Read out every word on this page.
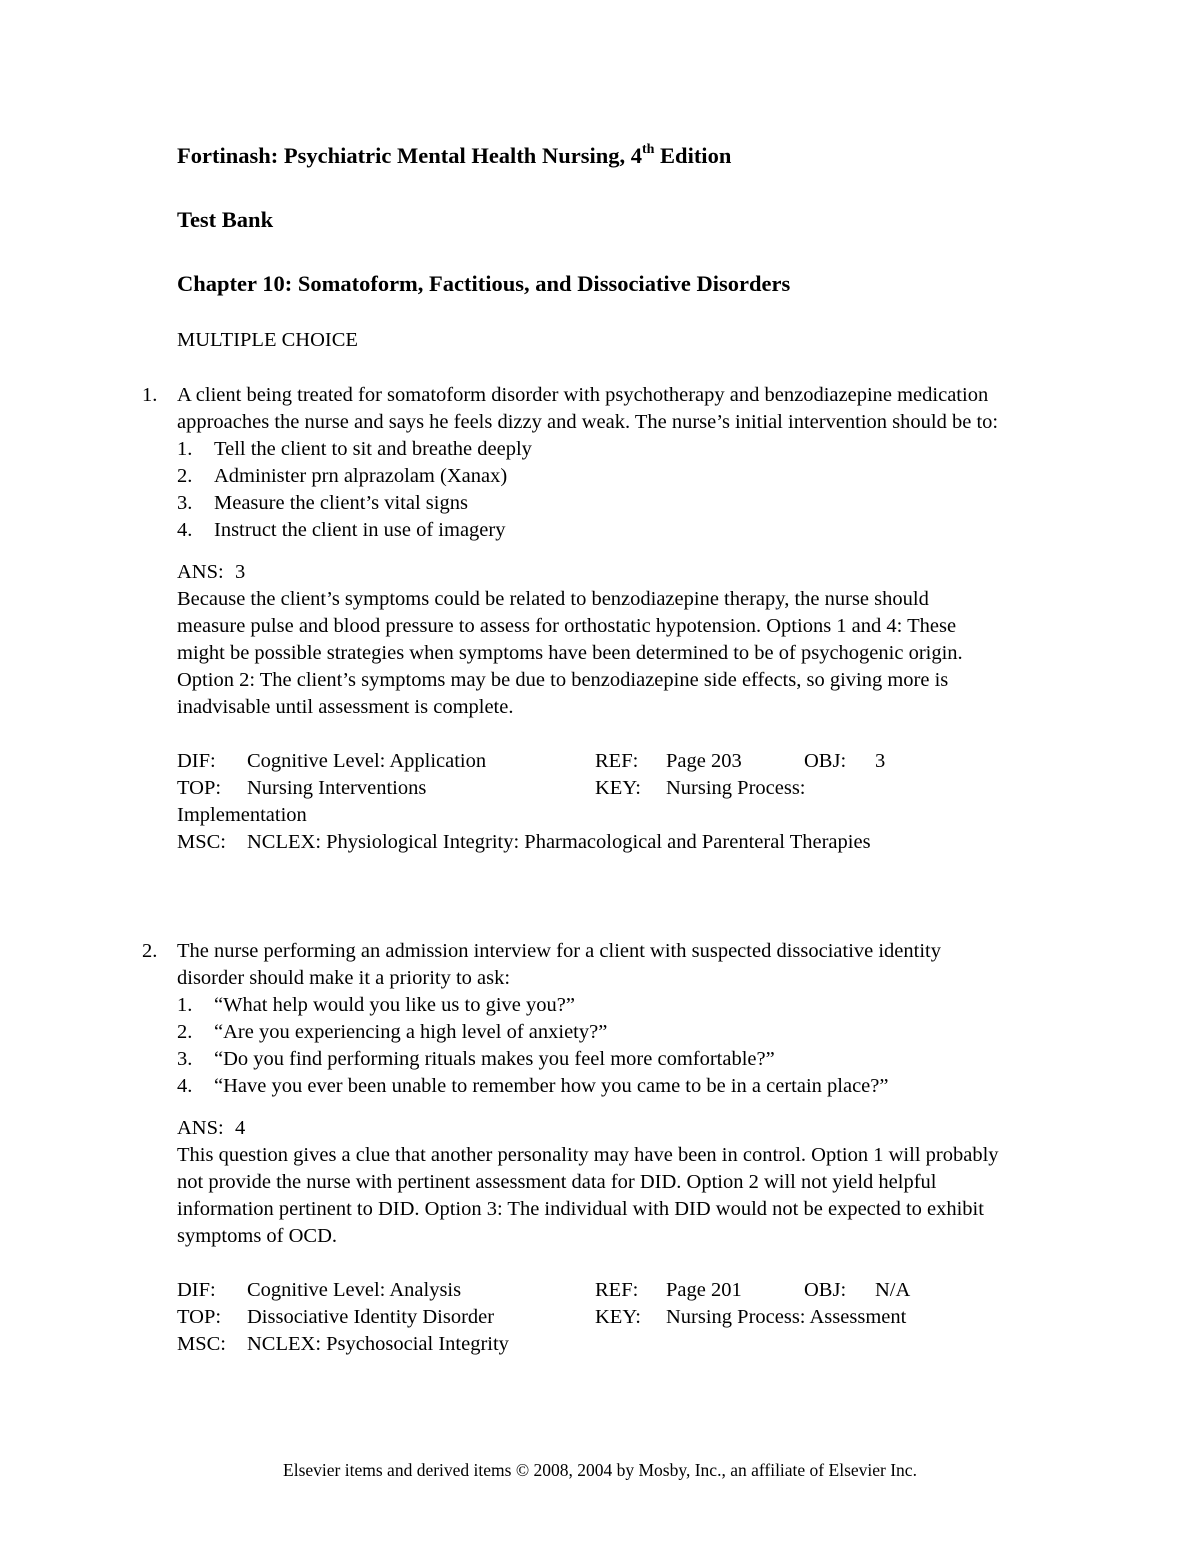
Fortinash: Psychiatric Mental Health Nursing, 4th Edition
Test Bank
Chapter 10: Somatoform, Factitious, and Dissociative Disorders
MULTIPLE CHOICE
1. A client being treated for somatoform disorder with psychotherapy and benzodiazepine medication approaches the nurse and says he feels dizzy and weak. The nurse’s initial intervention should be to:

1. Tell the client to sit and breathe deeply
2. Administer prn alprazolam (Xanax)
3. Measure the client’s vital signs
4. Instruct the client in use of imagery
ANS: 3

Because the client’s symptoms could be related to benzodiazepine therapy, the nurse should measure pulse and blood pressure to assess for orthostatic hypotension. Options 1 and 4: These might be possible strategies when symptoms have been determined to be of psychogenic origin. Option 2: The client’s symptoms may be due to benzodiazepine side effects, so giving more is inadvisable until assessment is complete.

DIF: Cognitive Level: Application	REF: Page 203	OBJ: 3
TOP: Nursing Interventions	KEY: Nursing Process:
Implementation
MSC: NCLEX: Physiological Integrity: Pharmacological and Parenteral Therapies
2. The nurse performing an admission interview for a client with suspected dissociative identity disorder should make it a priority to ask:

1. “What help would you like us to give you?”
2. “Are you experiencing a high level of anxiety?”
3. “Do you find performing rituals makes you feel more comfortable?”
4. “Have you ever been unable to remember how you came to be in a certain place?”
ANS: 4

This question gives a clue that another personality may have been in control. Option 1 will probably not provide the nurse with pertinent assessment data for DID. Option 2 will not yield helpful information pertinent to DID. Option 3: The individual with DID would not be expected to exhibit symptoms of OCD.

DIF: Cognitive Level: Analysis	REF: Page 201	OBJ: N/A
TOP: Dissociative Identity Disorder	KEY: Nursing Process: Assessment
MSC: NCLEX: Psychosocial Integrity
Elsevier items and derived items © 2008, 2004 by Mosby, Inc., an affiliate of Elsevier Inc.
